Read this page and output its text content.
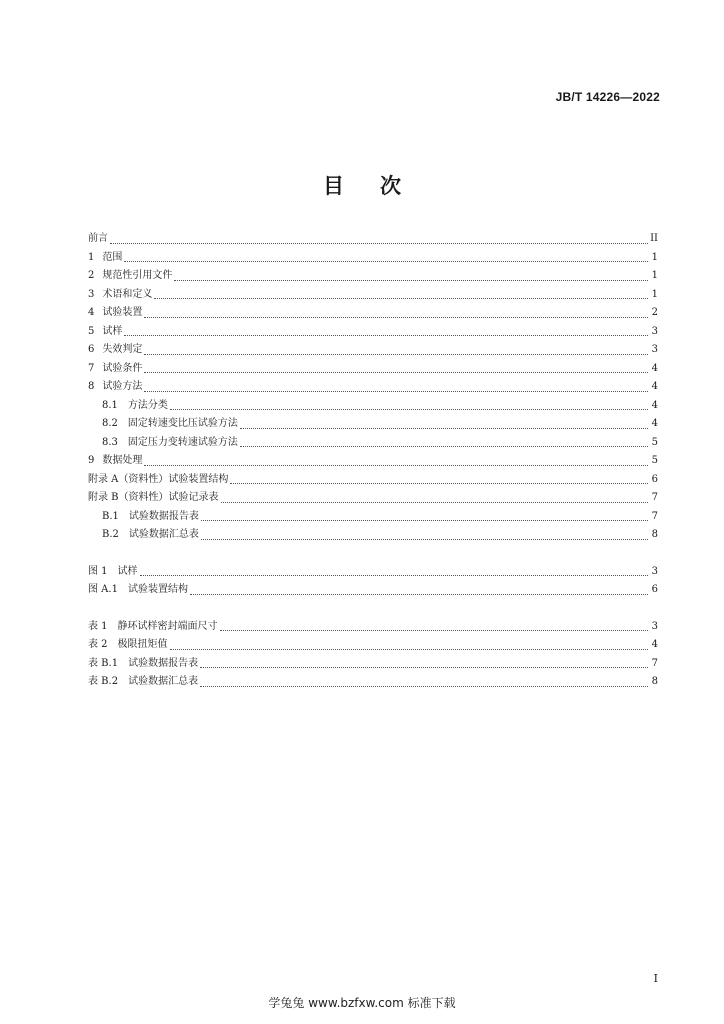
JB/T 14226—2022
目次
前言	II
1 范围	1
2 规范性引用文件	1
3 术语和定义	1
4 试验装置	2
5 试样	3
6 失效判定	3
7 试验条件	4
8 试验方法	4
8.1 方法分类	4
8.2 固定转速变比压试验方法	4
8.3 固定压力变转速试验方法	5
9 数据处理	5
附录 A（资料性）试验装置结构	6
附录 B（资料性）试验记录表	7
B.1 试验数据报告表	7
B.2 试验数据汇总表	8
图 1 试样	3
图 A.1 试验装置结构	6
表 1 静环试样密封端面尺寸	3
表 2 极限扭矩值	4
表 B.1 试验数据报告表	7
表 B.2 试验数据汇总表	8
I
学兔兔 www.bzfxw.com 标准下载
